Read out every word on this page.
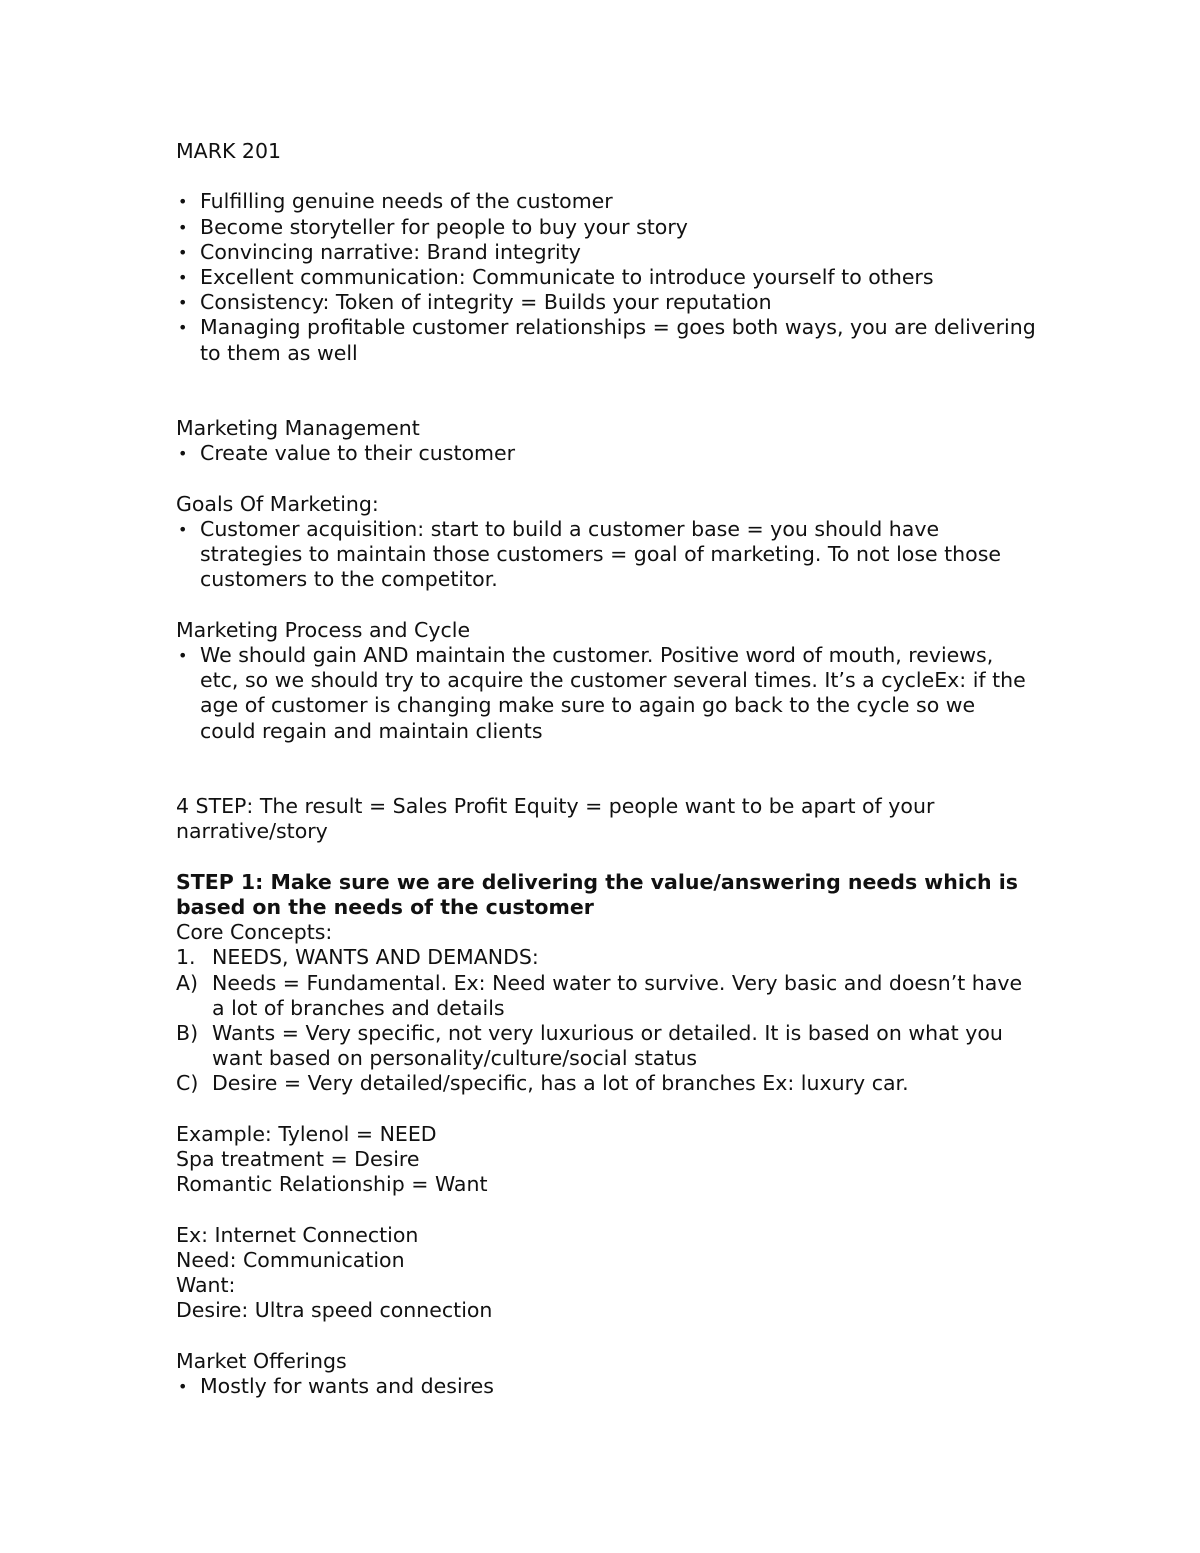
MARK 201

• Fulfilling genuine needs of the customer
• Become storyteller for people to buy your story
• Convincing narrative: Brand integrity
• Excellent communication: Communicate to introduce yourself to others
• Consistency: Token of integrity = Builds your reputation
• Managing profitable customer relationships = goes both ways, you are delivering to them as well

Marketing Management

• Create value to their customer

Goals Of Marketing:

• Customer acquisition: start to build a customer base = you should have strategies to maintain those customers = goal of marketing. To not lose those customers to the competitor.

Marketing Process and Cycle

• We should gain AND maintain the customer. Positive word of mouth, reviews, etc, so we should try to acquire the customer several times. It’s a cycleEx: if the age of customer is changing make sure to again go back to the cycle so we could regain and maintain clients

4 STEP: The result = Sales Profit Equity = people want to be apart of your narrative/story

STEP 1: Make sure we are delivering the value/answering needs which is based on the needs of the customer

Core Concepts:

1. NEEDS, WANTS AND DEMANDS:
A) Needs = Fundamental. Ex: Need water to survive. Very basic and doesn’t have a lot of branches and details
B) Wants = Very specific, not very luxurious or detailed. It is based on what you want based on personality/culture/social status
C) Desire = Very detailed/specific, has a lot of branches Ex: luxury car.

Example: Tylenol = NEED

Spa treatment = Desire

Romantic Relationship = Want

Ex: Internet Connection

Need: Communication

Want:

Desire: Ultra speed connection

Market Offerings

• Mostly for wants and desires
